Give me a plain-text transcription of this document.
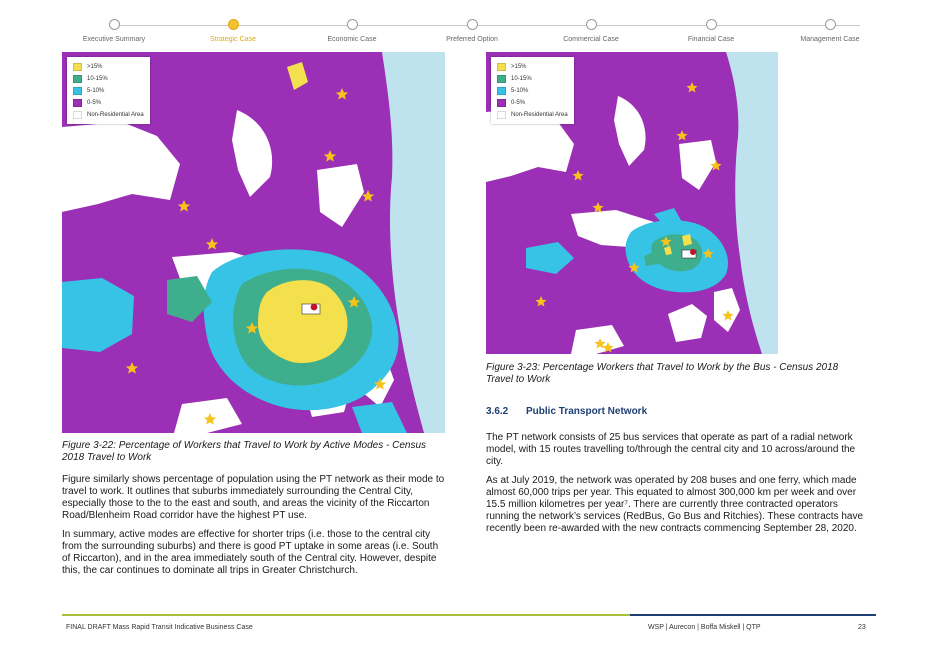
Executive Summary	Strategic Case	Economic Case	Preferred Option	Commercial Case	Financial Case	Management Case
>15%
10-15%
5-10%
0-5%
Non-Residential Area
>15%
10-15%
5-10%
0-5%
Non-Residential Area
Figure 3-22: Percentage of Workers that Travel to Work by Active Modes - Census 2018 Travel to Work

Figure similarly shows percentage of population using the PT network as their mode to travel to work. It outlines that suburbs immediately surrounding the Central City, especially those to the to the east and south, and areas the vicinity of the Riccarton Road/Blenheim Road corridor have the highest PT use.

In summary, active modes are effective for shorter trips (i.e. those to the central city from the surrounding suburbs) and there is good PT uptake in some areas (i.e. South of Riccarton), and in the area immediately south of the Central city. However, despite this, the car continues to dominate all trips in Greater Christchurch.

Figure 3-23: Percentage Workers that Travel to Work by the Bus - Census 2018 Travel to Work
3.6.2 Public Transport Network

The PT network consists of 25 bus services that operate as part of a radial network model, with 15 routes travelling to/through the central city and 10 across/around the city.

As at July 2019, the network was operated by 208 buses and one ferry, which made almost 60,000 trips per year. This equated to almost 300,000 km per week and over 15.5 million kilometres per year⁷. There are currently three contracted operators running the network’s services (RedBus, Go Bus and Ritchies). These contracts have recently been re-awarded with the new contracts commencing September 28, 2020.

FINAL DRAFT Mass Rapid Transit Indicative Business Case	WSP | Aurecon | Boffa Miskell | QTP	23
